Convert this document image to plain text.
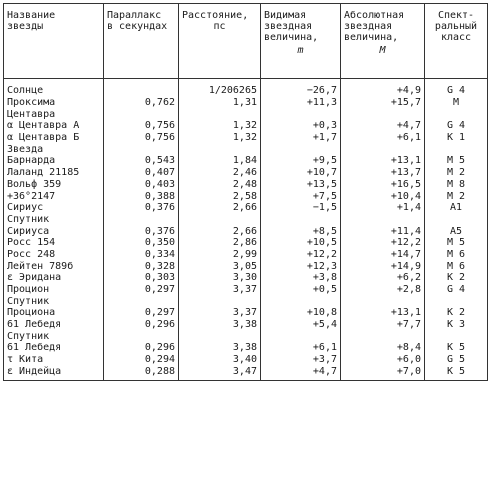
Название
звезды	Параллакс
в секундах	Расстояние,
пс	Видимая
звездная
величина,
m	Абсолютная
звездная
величина,
M	Спект-
ральный
класс

Солнце		1/206265	−26,7	+4,9	G 4
Проксима	0,762	1,31	+11,3	+15,7	M
Центавра					
α Центавра А	0,756	1,32	+0,3	+4,7	G 4
α Центавра Б	0,756	1,32	+1,7	+6,1	K 1
Звезда					
Барнарда	0,543	1,84	+9,5	+13,1	M 5
Лаланд 21185	0,407	2,46	+10,7	+13,7	M 2
Вольф 359	0,403	2,48	+13,5	+16,5	M 8
+36°2147	0,388	2,58	+7,5	+10,4	M 2
Сириус	0,376	2,66	−1,5	+1,4	A1
Спутник					
Сириуса	0,376	2,66	+8,5	+11,4	A5
Росс 154	0,350	2,86	+10,5	+12,2	M 5
Росс 248	0,334	2,99	+12,2	+14,7	M 6
Лейтен 789б	0,328	3,05	+12,3	+14,9	M 6
ε Эридана	0,303	3,30	+3,8	+6,2	K 2
Процион	0,297	3,37	+0,5	+2,8	G 4
Спутник					
Проциона	0,297	3,37	+10,8	+13,1	K 2
61 Лебедя	0,296	3,38	+5,4	+7,7	K 3
Спутник					
61 Лебедя	0,296	3,38	+6,1	+8,4	K 5
τ Кита	0,294	3,40	+3,7	+6,0	G 5
ε Индейца	0,288	3,47	+4,7	+7,0	K 5
